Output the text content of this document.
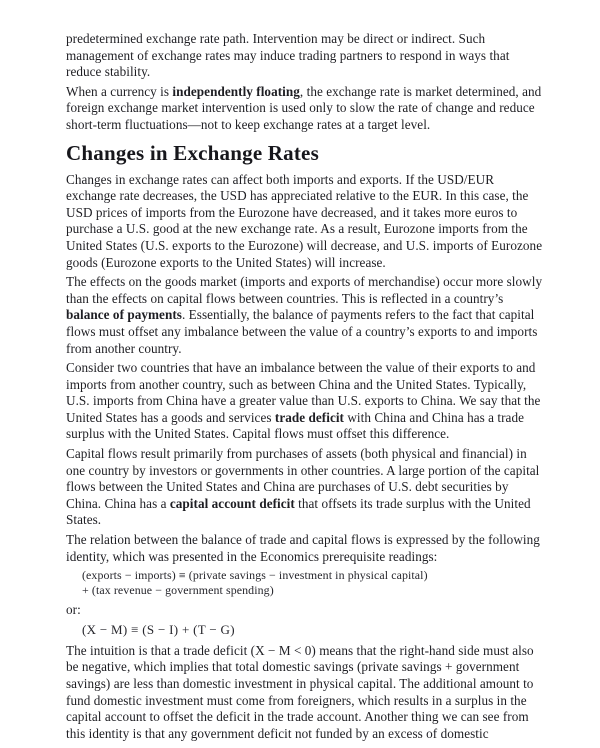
predetermined exchange rate path. Intervention may be direct or indirect. Such management of exchange rates may induce trading partners to respond in ways that reduce stability.

When a currency is independently floating, the exchange rate is market determined, and foreign exchange market intervention is used only to slow the rate of change and reduce short-term fluctuations—not to keep exchange rates at a target level.

Changes in Exchange Rates

Changes in exchange rates can affect both imports and exports. If the USD/EUR exchange rate decreases, the USD has appreciated relative to the EUR. In this case, the USD prices of imports from the Eurozone have decreased, and it takes more euros to purchase a U.S. good at the new exchange rate. As a result, Eurozone imports from the United States (U.S. exports to the Eurozone) will decrease, and U.S. imports of Eurozone goods (Eurozone exports to the United States) will increase.

The effects on the goods market (imports and exports of merchandise) occur more slowly than the effects on capital flows between countries. This is reflected in a country’s balance of payments. Essentially, the balance of payments refers to the fact that capital flows must offset any imbalance between the value of a country’s exports to and imports from another country.

Consider two countries that have an imbalance between the value of their exports to and imports from another country, such as between China and the United States. Typically, U.S. imports from China have a greater value than U.S. exports to China. We say that the United States has a goods and services trade deficit with China and China has a trade surplus with the United States. Capital flows must offset this difference.

Capital flows result primarily from purchases of assets (both physical and financial) in one country by investors or governments in other countries. A large portion of the capital flows between the United States and China are purchases of U.S. debt securities by China. China has a capital account deficit that offsets its trade surplus with the United States.

The relation between the balance of trade and capital flows is expressed by the following identity, which was presented in the Economics prerequisite readings:

(exports − imports) ≡ (private savings − investment in physical capital)
+ (tax revenue − government spending)

or:

(X − M) ≡ (S − I) + (T − G)

The intuition is that a trade deficit (X − M < 0) means that the right-hand side must also be negative, which implies that total domestic savings (private savings + government savings) are less than domestic investment in physical capital. The additional amount to fund domestic investment must come from foreigners, which results in a surplus in the capital account to offset the deficit in the trade account. Another thing we can see from this identity is that any government deficit not funded by an excess of domestic
